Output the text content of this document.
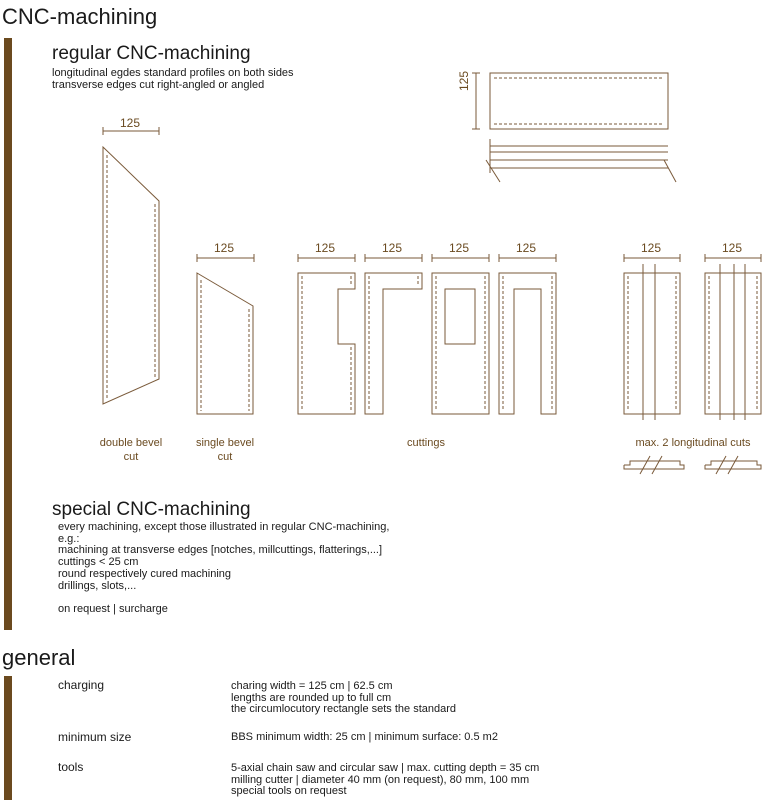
CNC-machining
regular CNC-machining
longitudinal egdes standard profiles on both sides
transverse edges cut right-angled or angled
125
125	125	125	125	125	125	125
125
double bevel
cut
single bevel
cut
cuttings	max. 2 longitudinal cuts
special CNC-machining
every machining, except those illustrated in regular CNC-machining,
e.g.:
machining at transverse edges [notches, millcuttings, flatterings,...]
cuttings < 25 cm
round respectively cured machining
drillings, slots,...
on request | surcharge
general
charging	charing width = 125 cm | 62.5 cm
lengths are rounded up to full cm
the circumlocutory rectangle sets the standard
minimum size	BBS minimum width: 25 cm | minimum surface: 0.5 m2
tools	5-axial chain saw and circular saw | max. cutting depth = 35 cm
milling cutter | diameter 40 mm (on request), 80 mm, 100 mm
special tools on request
